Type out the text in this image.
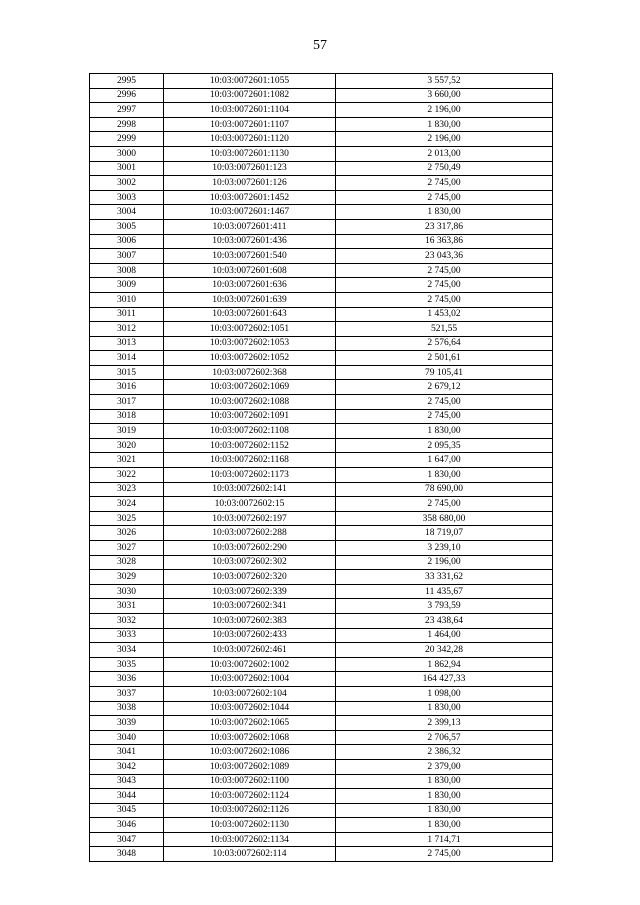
57
2995	10:03:0072601:1055	3 557,52
2996	10:03:0072601:1082	3 660,00
2997	10:03:0072601:1104	2 196,00
2998	10:03:0072601:1107	1 830,00
2999	10:03:0072601:1120	2 196,00
3000	10:03:0072601:1130	2 013,00
3001	10:03:0072601:123	2 750,49
3002	10:03:0072601:126	2 745,00
3003	10:03:0072601:1452	2 745,00
3004	10:03:0072601:1467	1 830,00
3005	10:03:0072601:411	23 317,86
3006	10:03:0072601:436	16 363,86
3007	10:03:0072601:540	23 043,36
3008	10:03:0072601:608	2 745,00
3009	10:03:0072601:636	2 745,00
3010	10:03:0072601:639	2 745,00
3011	10:03:0072601:643	1 453,02
3012	10:03:0072602:1051	521,55
3013	10:03:0072602:1053	2 576,64
3014	10:03:0072602:1052	2 501,61
3015	10:03:0072602:368	79 105,41
3016	10:03:0072602:1069	2 679,12
3017	10:03:0072602:1088	2 745,00
3018	10:03:0072602:1091	2 745,00
3019	10:03:0072602:1108	1 830,00
3020	10:03:0072602:1152	2 095,35
3021	10:03:0072602:1168	1 647,00
3022	10:03:0072602:1173	1 830,00
3023	10:03:0072602:141	78 690,00
3024	10:03:0072602:15	2 745,00
3025	10:03:0072602:197	358 680,00
3026	10:03:0072602:288	18 719,07
3027	10:03:0072602:290	3 239,10
3028	10:03:0072602:302	2 196,00
3029	10:03:0072602:320	33 331,62
3030	10:03:0072602:339	11 435,67
3031	10:03:0072602:341	3 793,59
3032	10:03:0072602:383	23 438,64
3033	10:03:0072602:433	1 464,00
3034	10:03:0072602:461	20 342,28
3035	10:03:0072602:1002	1 862,94
3036	10:03:0072602:1004	164 427,33
3037	10:03:0072602:104	1 098,00
3038	10:03:0072602:1044	1 830,00
3039	10:03:0072602:1065	2 399,13
3040	10:03:0072602:1068	2 706,57
3041	10:03:0072602:1086	2 386,32
3042	10:03:0072602:1089	2 379,00
3043	10:03:0072602:1100	1 830,00
3044	10:03:0072602:1124	1 830,00
3045	10:03:0072602:1126	1 830,00
3046	10:03:0072602:1130	1 830,00
3047	10:03:0072602:1134	1 714,71
3048	10:03:0072602:114	2 745,00
